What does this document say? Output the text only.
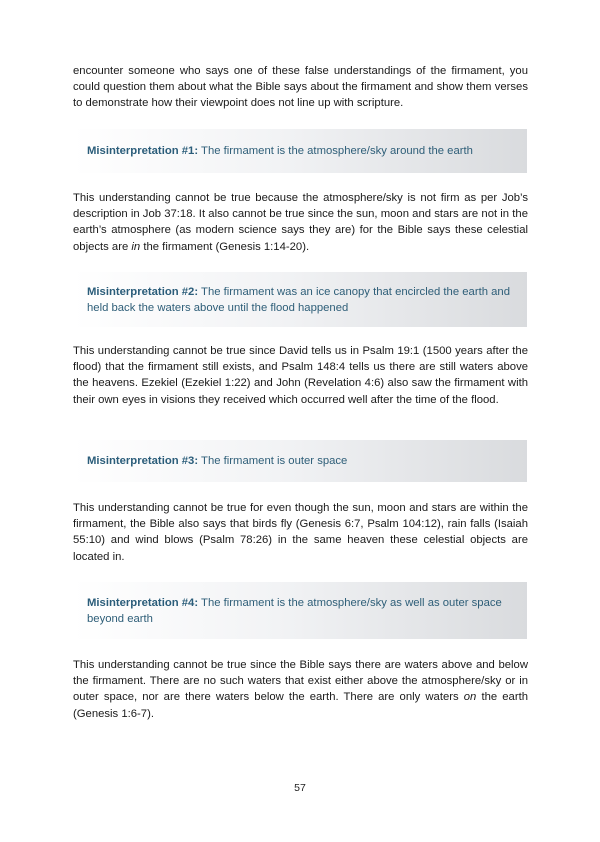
encounter someone who says one of these false understandings of the firmament, you could question them about what the Bible says about the firmament and show them verses to demonstrate how their viewpoint does not line up with scripture.

Misinterpretation #1: The firmament is the atmosphere/sky around the earth

This understanding cannot be true because the atmosphere/sky is not firm as per Job’s description in Job 37:18. It also cannot be true since the sun, moon and stars are not in the earth’s atmosphere (as modern science says they are) for the Bible says these celestial objects are in the firmament (Genesis 1:14-20).

Misinterpretation #2: The firmament was an ice canopy that encircled the earth and held back the waters above until the flood happened

This understanding cannot be true since David tells us in Psalm 19:1 (1500 years after the flood) that the firmament still exists, and Psalm 148:4 tells us there are still waters above the heavens. Ezekiel (Ezekiel 1:22) and John (Revelation 4:6) also saw the firmament with their own eyes in visions they received which occurred well after the time of the flood.

Misinterpretation #3: The firmament is outer space

This understanding cannot be true for even though the sun, moon and stars are within the firmament, the Bible also says that birds fly (Genesis 6:7, Psalm 104:12), rain falls (Isaiah 55:10) and wind blows (Psalm 78:26) in the same heaven these celestial objects are located in.

Misinterpretation #4: The firmament is the atmosphere/sky as well as outer space beyond earth

This understanding cannot be true since the Bible says there are waters above and below the firmament. There are no such waters that exist either above the atmosphere/sky or in outer space, nor are there waters below the earth. There are only waters on the earth (Genesis 1:6-7).

57
